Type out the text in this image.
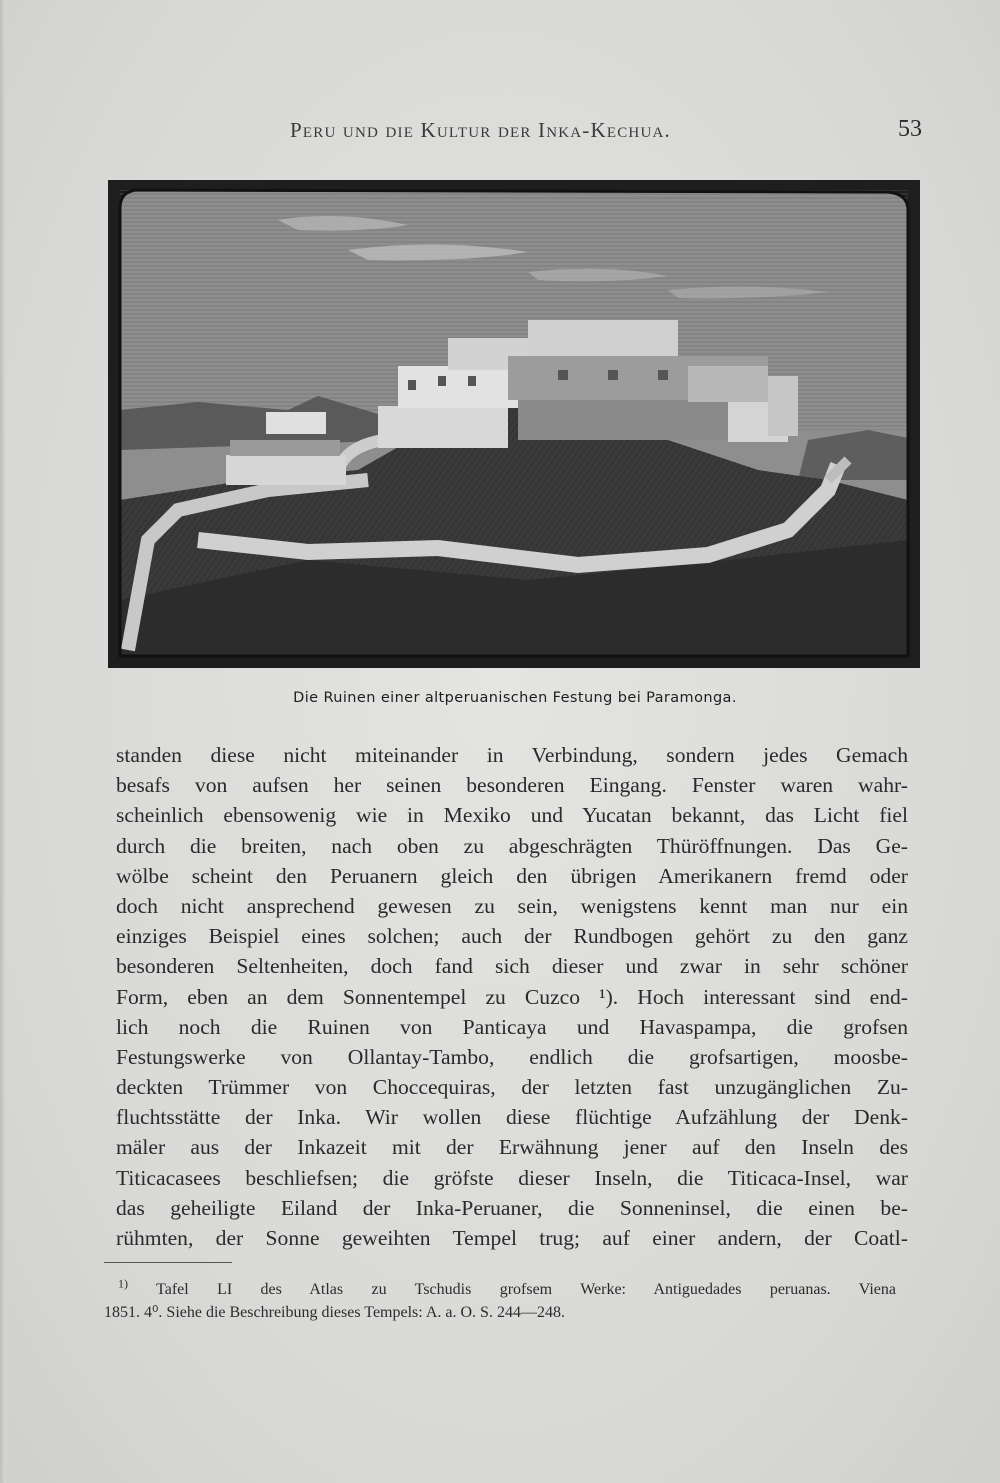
Peru und die Kultur der Inka-Kechua.	53
Die Ruinen einer altperuanischen Festung bei Paramonga.
standen diese nicht miteinander in Verbindung, sondern jedes Gemach
besafs von aufsen her seinen besonderen Eingang. Fenster waren wahr-
scheinlich ebensowenig wie in Mexiko und Yucatan bekannt, das Licht fiel
durch die breiten, nach oben zu abgeschrägten Thüröffnungen. Das Ge-
wölbe scheint den Peruanern gleich den übrigen Amerikanern fremd oder
doch nicht ansprechend gewesen zu sein, wenigstens kennt man nur ein
einziges Beispiel eines solchen; auch der Rundbogen gehört zu den ganz
besonderen Seltenheiten, doch fand sich dieser und zwar in sehr schöner
Form, eben an dem Sonnentempel zu Cuzco ¹). Hoch interessant sind end-
lich noch die Ruinen von Panticaya und Havaspampa, die grofsen
Festungswerke von Ollantay-Tambo, endlich die grofsartigen, moosbe-
deckten Trümmer von Choccequiras, der letzten fast unzugänglichen Zu-
fluchtsstätte der Inka. Wir wollen diese flüchtige Aufzählung der Denk-
mäler aus der Inkazeit mit der Erwähnung jener auf den Inseln des
Titicacasees beschliefsen; die gröfste dieser Inseln, die Titicaca-Insel, war
das geheiligte Eiland der Inka-Peruaner, die Sonneninsel, die einen be-
rühmten, der Sonne geweihten Tempel trug; auf einer andern, der Coatl-
$^{1)}$ Tafel LI des Atlas zu Tschudis grofsem Werke: Antiguedades peruanas. Viena
1851. 4⁰. Siehe die Beschreibung dieses Tempels: A. a. O. S. 244—248.
